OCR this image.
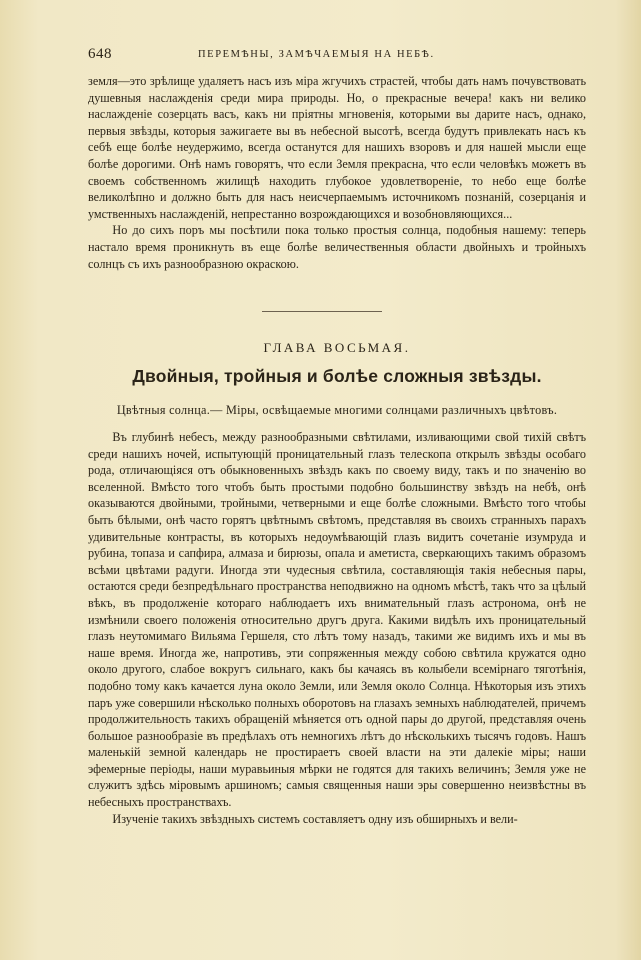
648	ПЕРЕМѢНЫ, ЗАМѢЧАЕМЫЯ НА НЕБѢ.

земля—это зрѣлище удаляетъ насъ изъ міра жгучихъ страстей, чтобы дать намъ почувствовать душевныя наслажденія среди мира природы. Но, о прекрасные вечера! какъ ни велико наслажденіе созерцать васъ, какъ ни пріятны мгновенія, которыми вы дарите насъ, однако, первыя звѣзды, которыя зажигаете вы въ небесной высотѣ, всегда будутъ привлекать насъ къ себѣ еще болѣе неудержимо, всегда останутся для нашихъ взоровъ и для нашей мысли еще болѣе дорогими. Онѣ намъ говорятъ, что если Земля прекрасна, что если человѣкъ можетъ въ своемъ собственномъ жилищѣ находить глубокое удовлетвореніе, то небо еще болѣе великолѣпно и должно быть для насъ неисчерпаемымъ источникомъ познаній, созерцанія и умственныхъ наслажденій, непрестанно возрождающихся и возобновляющихся...

Но до сихъ поръ мы посѣтили пока только простыя солнца, подобныя нашему: теперь настало время проникнуть въ еще болѣе величественныя области двойныхъ и тройныхъ солнцъ съ ихъ разнообразною окраскою.

ГЛАВА ВОСЬМАЯ.
Двойныя, тройныя и болѣе сложныя звѣзды.
Цвѣтныя солнца.— Міры, освѣщаемые многими солнцами различныхъ цвѣтовъ.

Въ глубинѣ небесъ, между разнообразными свѣтилами, изливающими свой тихій свѣтъ среди нашихъ ночей, испытующій проницательный глазъ телескопа открылъ звѣзды особаго рода, отличающіяся отъ обыкновенныхъ звѣздъ какъ по своему виду, такъ и по значенію во вселенной. Вмѣсто того чтобъ быть простыми подобно большинству звѣздъ на небѣ, онѣ оказываются двойными, тройными, четверными и еще болѣе сложными. Вмѣсто того чтобы быть бѣлыми, онѣ часто горятъ цвѣтнымъ свѣтомъ, представляя въ своихъ странныхъ парахъ удивительные контрасты, въ которыхъ недоумѣвающій глазъ видитъ сочетаніе изумруда и рубина, топаза и сапфира, алмаза и бирюзы, опала и аметиста, сверкающихъ такимъ образомъ всѣми цвѣтами радуги. Иногда эти чудесныя свѣтила, составляющія такія небесныя пары, остаются среди безпредѣльнаго пространства неподвижно на одномъ мѣстѣ, такъ что за цѣлый вѣкъ, въ продолженіе котораго наблюдаетъ ихъ внимательный глазъ астронома, онѣ не измѣнили своего положенія относительно другъ друга. Какими видѣлъ ихъ проницательный глазъ неутомимаго Вильяма Гершеля, сто лѣтъ тому назадъ, такими же видимъ ихъ и мы въ наше время. Иногда же, напротивъ, эти сопряженныя между собою свѣтила кружатся одно около другого, слабое вокругъ сильнаго, какъ бы качаясь въ колыбели всемірнаго тяготѣнія, подобно тому какъ качается луна около Земли, или Земля около Солнца. Нѣкоторыя изъ этихъ паръ уже совершили нѣсколько полныхъ оборотовъ на глазахъ земныхъ наблюдателей, причемъ продолжительность такихъ обращеній мѣняется отъ одной пары до другой, представляя очень большое разнообразіе въ предѣлахъ отъ немногихъ лѣтъ до нѣсколькихъ тысячъ годовъ. Нашъ маленькій земной календарь не простираетъ своей власти на эти далекіе міры; наши эфемерные періоды, наши муравьиныя мѣрки не годятся для такихъ величинъ; Земля уже не служитъ здѣсь міровымъ аршиномъ; самыя священныя наши эры совершенно неизвѣстны въ небесныхъ пространствахъ.

Изученіе такихъ звѣздныхъ системъ составляетъ одну изъ обширныхъ и вели-
